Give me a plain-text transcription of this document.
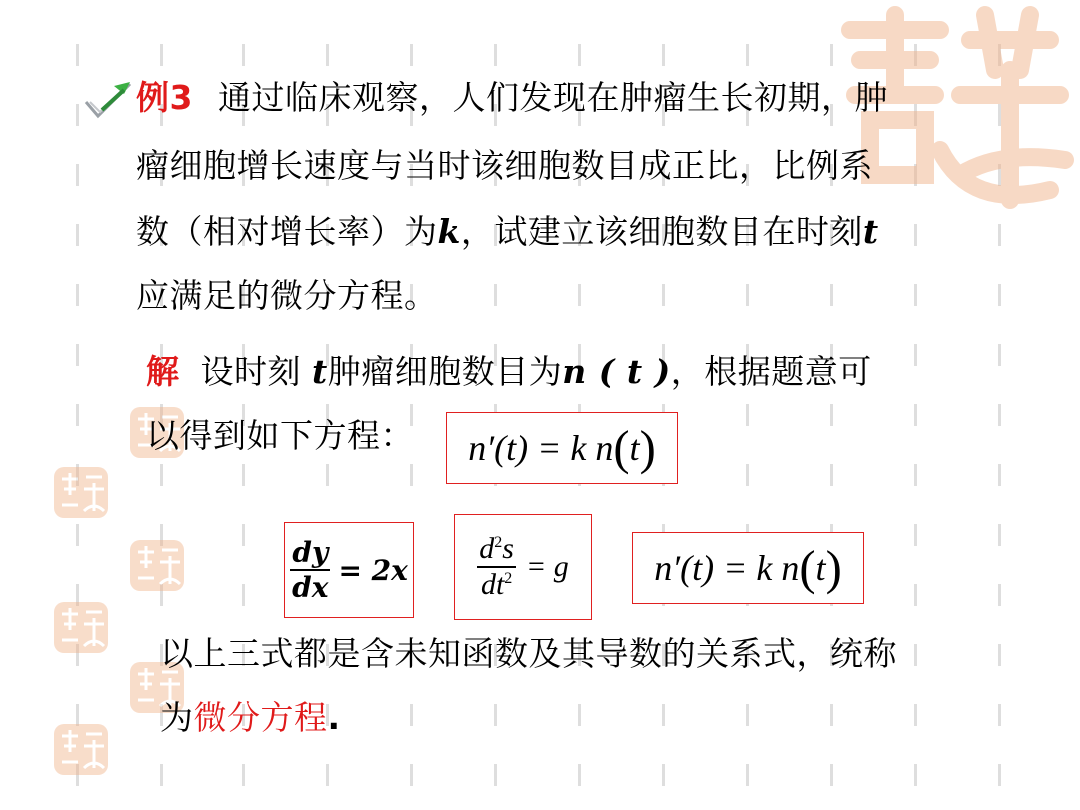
例3 通过临床观察，人们发现在肿瘤生长初期，肿
瘤细胞增长速度与当时该细胞数目成正比，比例系
数（相对增长率）为k，试建立该细胞数目在时刻t
应满足的微分方程。
解 设时刻 t肿瘤细胞数目为n ( t )，根据题意可
以得到如下方程： n′(t) = k n ( t )
$\frac{dy}{dx} = 2x \frac{d^2s}{dt^2} = g$ n′(t) = k n ( t )
以上三式都是含未知函数及其导数的关系式，统称
为微分方程.
